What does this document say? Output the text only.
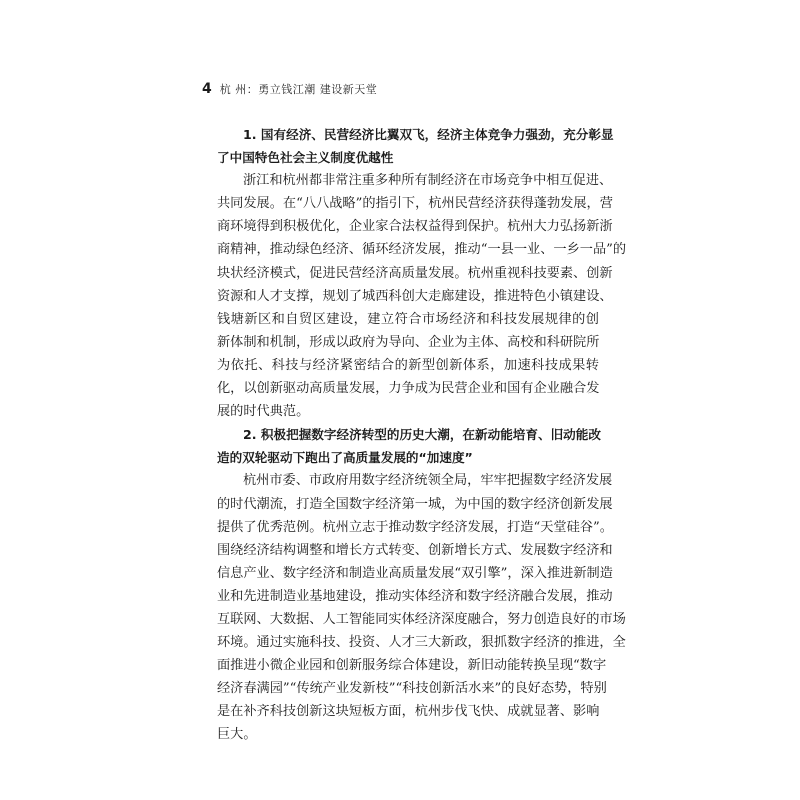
4 杭 州：勇立钱江潮 建设新天堂
1. 国有经济、民营经济比翼双飞，经济主体竞争力强劲，充分彰显
了中国特色社会主义制度优越性
浙江和杭州都非常注重多种所有制经济在市场竞争中相互促进、
共同发展。在“八八战略”的指引下，杭州民营经济获得蓬勃发展，营
商环境得到积极优化，企业家合法权益得到保护。杭州大力弘扬新浙
商精神，推动绿色经济、循环经济发展，推动“一县一业、一乡一品”的
块状经济模式，促进民营经济高质量发展。杭州重视科技要素、创新
资源和人才支撑，规划了城西科创大走廊建设，推进特色小镇建设、
钱塘新区和自贸区建设，建立符合市场经济和科技发展规律的创
新体制和机制，形成以政府为导向、企业为主体、高校和科研院所
为依托、科技与经济紧密结合的新型创新体系，加速科技成果转
化，以创新驱动高质量发展，力争成为民营企业和国有企业融合发
展的时代典范。
2. 积极把握数字经济转型的历史大潮，在新动能培育、旧动能改
造的双轮驱动下跑出了高质量发展的“加速度”
杭州市委、市政府用数字经济统领全局，牢牢把握数字经济发展
的时代潮流，打造全国数字经济第一城，为中国的数字经济创新发展
提供了优秀范例。杭州立志于推动数字经济发展，打造“天堂硅谷”。
围绕经济结构调整和增长方式转变、创新增长方式、发展数字经济和
信息产业、数字经济和制造业高质量发展“双引擎”，深入推进新制造
业和先进制造业基地建设，推动实体经济和数字经济融合发展，推动
互联网、大数据、人工智能同实体经济深度融合，努力创造良好的市场
环境。通过实施科技、投资、人才三大新政，狠抓数字经济的推进，全
面推进小微企业园和创新服务综合体建设，新旧动能转换呈现“数字
经济春满园”“传统产业发新枝”“科技创新活水来”的良好态势，特别
是在补齐科技创新这块短板方面，杭州步伐飞快、成就显著、影响
巨大。
